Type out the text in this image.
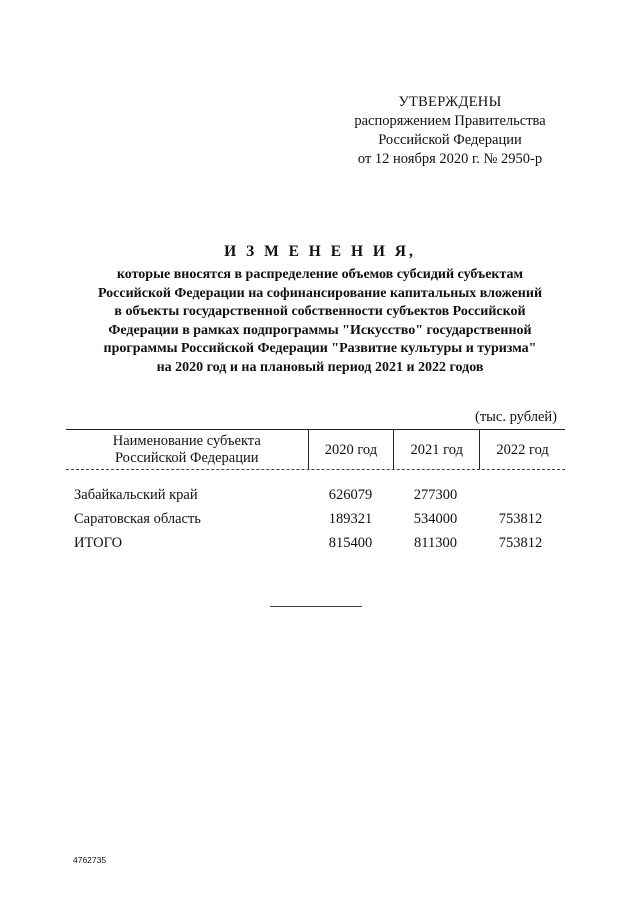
УТВЕРЖДЕНЫ
распоряжением Правительства
Российской Федерации
от 12 ноября 2020 г. № 2950-р
И З М Е Н Е Н И Я,
которые вносятся в распределение объемов субсидий субъектам
Российской Федерации на софинансирование капитальных вложений
в объекты государственной собственности субъектов Российской
Федерации в рамках подпрограммы "Искусство" государственной
программы Российской Федерации "Развитие культуры и туризма"
на 2020 год и на плановый период 2021 и 2022 годов
(тыс. рублей)
Наименование субъекта
Российской Федерации
2020 год	2021 год	2022 год
Забайкальский край	626079	277300
Саратовская область	189321	534000	753812
ИТОГО	815400	811300	753812
4762735
